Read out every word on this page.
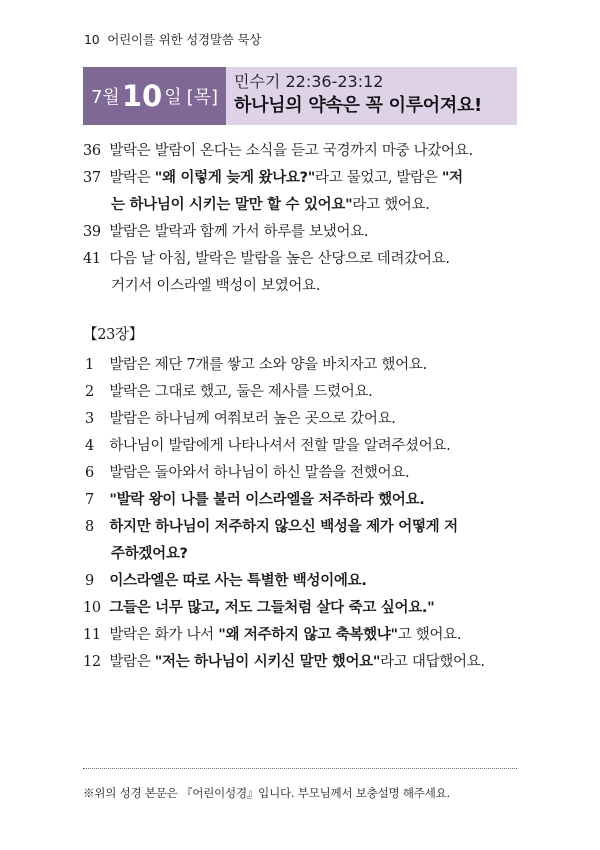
10 어린이를 위한 성경말씀 묵상
7월 10 일 [목]
민수기 22:36-23:12
하나님의 약속은 꼭 이루어져요!
36 발락은 발람이 온다는 소식을 듣고 국경까지 마중 나갔어요.
37 발락은 "왜 이렇게 늦게 왔나요?"라고 물었고, 발람은 "저
는 하나님이 시키는 말만 할 수 있어요"라고 했어요.
39 발람은 발락과 함께 가서 하루를 보냈어요.
41 다음 날 아침, 발락은 발람을 높은 산당으로 데려갔어요.
거기서 이스라엘 백성이 보였어요.
【23장】
1 발람은 제단 7개를 쌓고 소와 양을 바치자고 했어요.
2 발락은 그대로 했고, 둘은 제사를 드렸어요.
3 발람은 하나님께 여쭤보러 높은 곳으로 갔어요.
4 하나님이 발람에게 나타나셔서 전할 말을 알려주셨어요.
6 발람은 돌아와서 하나님이 하신 말씀을 전했어요.
7 "발락 왕이 나를 불러 이스라엘을 저주하라 했어요.
8 하지만 하나님이 저주하지 않으신 백성을 제가 어떻게 저
주하겠어요?
9 이스라엘은 따로 사는 특별한 백성이에요.
10 그들은 너무 많고, 저도 그들처럼 살다 죽고 싶어요."
11 발락은 화가 나서 "왜 저주하지 않고 축복했냐"고 했어요.
12 발람은 "저는 하나님이 시키신 말만 했어요"라고 대답했어요.
※위의 성경 본문은 『어린이성경』입니다. 부모님께서 보충설명 해주세요.
